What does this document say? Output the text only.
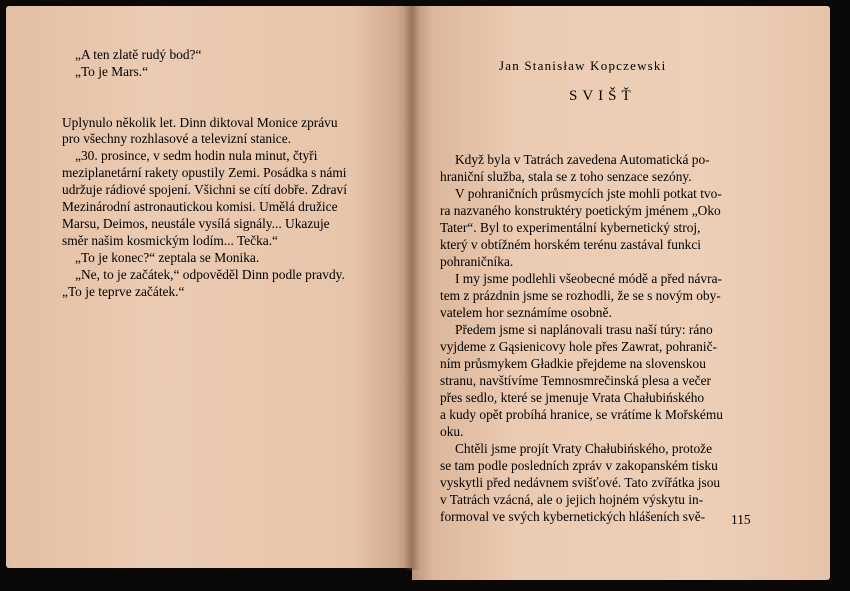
„A ten zlatě rudý bod?“
„To je Mars.“
Uplynulo několik let. Dinn diktoval Monice zprávu
pro všechny rozhlasové a televizní stanice.
„30. prosince, v sedm hodin nula minut, čtyři
meziplanetární rakety opustily Zemi. Posádka s námi
udržuje rádiové spojení. Všichni se cítí dobře. Zdraví
Mezinárodní astronautickou komisi. Umělá družice
Marsu, Deimos, neustále vysílá signály... Ukazuje
směr našim kosmickým lodím... Tečka.“
„To je konec?“ zeptala se Monika.
„Ne, to je začátek,“ odpověděl Dinn podle pravdy.
„To je teprve začátek.“
Jan Stanisław Kopczewski
SVIŠŤ
Když byla v Tatrách zavedena Automatická po-
hraniční služba, stala se z toho senzace sezóny.
V pohraničních průsmycích jste mohli potkat tvo-
ra nazvaného konstruktéry poetickým jménem „Oko
Tater“. Byl to experimentální kybernetický stroj,
který v obtížném horském terénu zastával funkci
pohraničníka.
I my jsme podlehli všeobecné módě a před návra-
tem z prázdnin jsme se rozhodli, že se s novým oby-
vatelem hor seznámíme osobně.
Předem jsme si naplánovali trasu naší túry: ráno
vyjdeme z Gąsienicovy hole přes Zawrat, pohranič-
ním průsmykem Gładkie přejdeme na slovenskou
stranu, navštívíme Temnosmrečinská plesa a večer
přes sedlo, které se jmenuje Vrata Chałubińského
a kudy opět probíhá hranice, se vrátíme k Mořskému
oku.
Chtěli jsme projít Vraty Chałubińského, protože
se tam podle posledních zpráv v zakopanském tisku
vyskytli před nedávnem svišťové. Tato zvířátka jsou
v Tatrách vzácná, ale o jejich hojném výskytu in-
formoval ve svých kybernetických hlášeních svě- 115
